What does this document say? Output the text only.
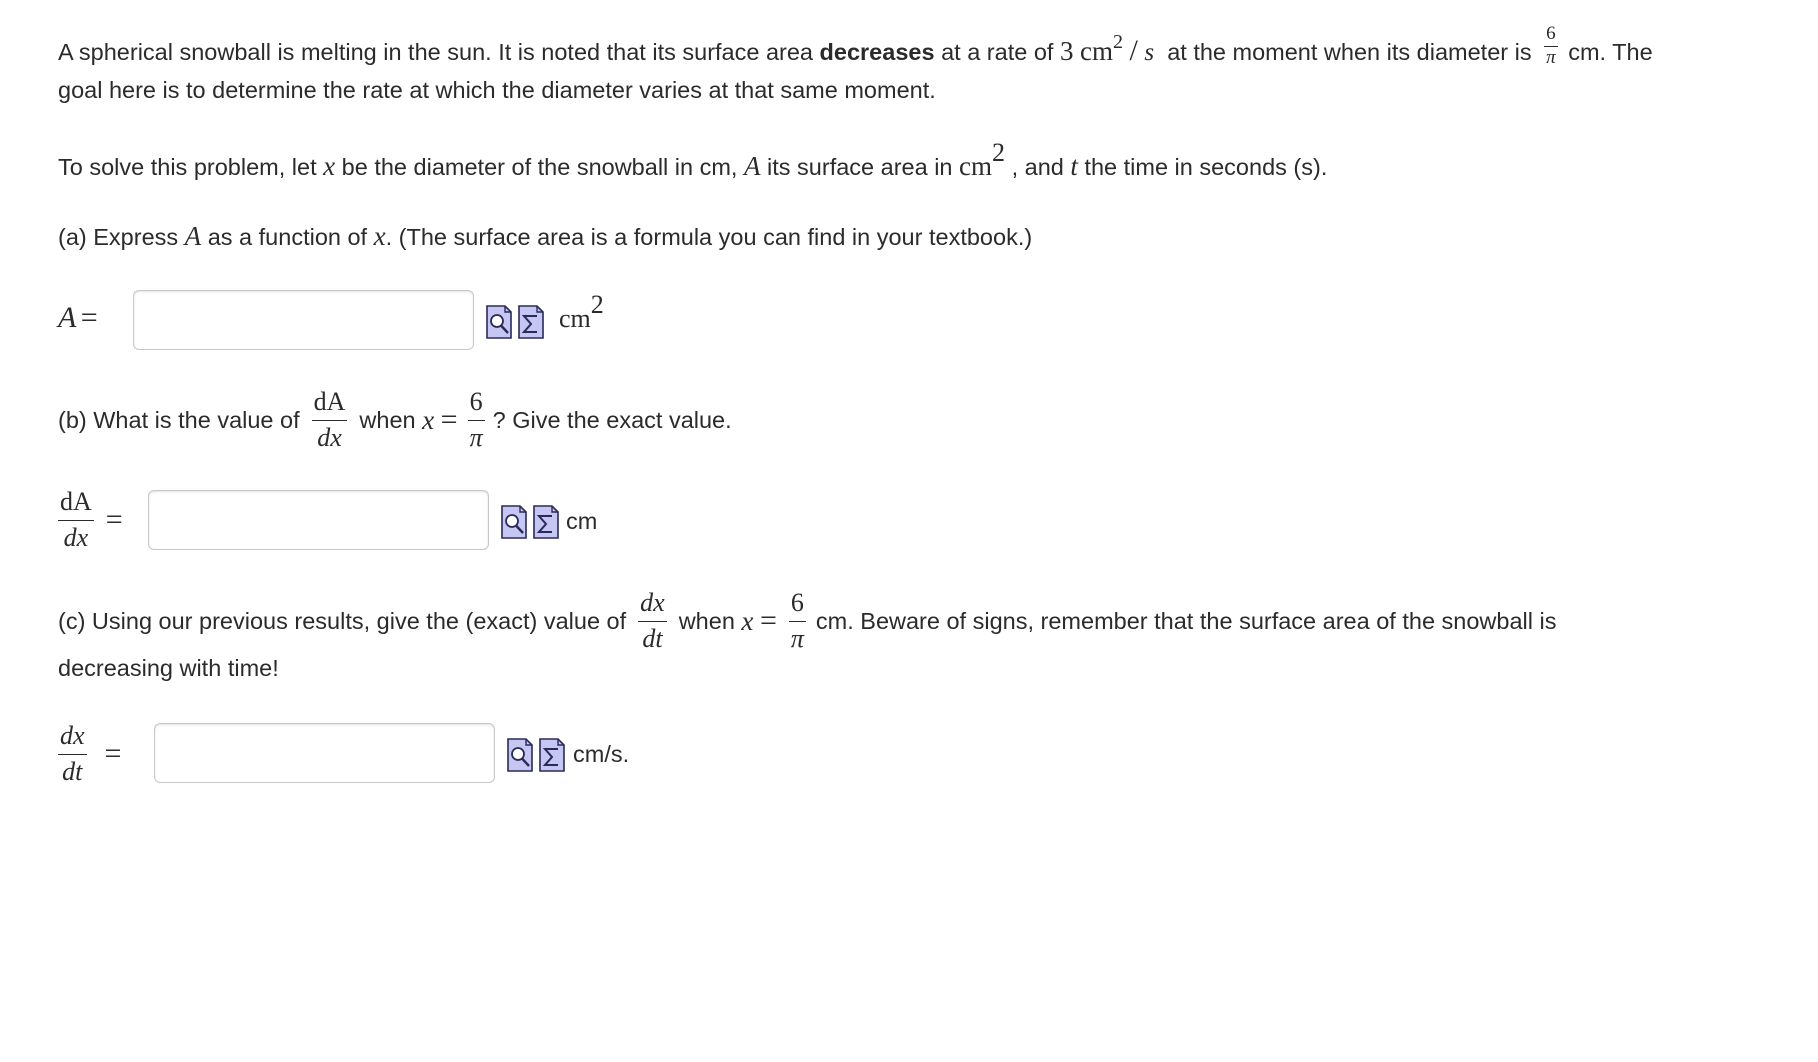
A spherical snowball is melting in the sun. It is noted that its surface area decreases at a rate of 3 cm2 / s at the moment when its diameter is $\frac{6}{\pi}$ cm. The
goal here is to determine the rate at which the diameter varies at that same moment.
To solve this problem, let x be the diameter of the snowball in cm, A its surface area in cm2 , and t the time in seconds (s).
(a) Express A as a function of x. (The surface area is a formula you can find in your textbook.)
A =	cm2
(b) What is the value of $\frac{dA}{dx}$ when
x
= $\frac{6}{\pi}$ ? Give the exact value.
$\frac{dA}{dx}$ =	cm
(c) Using our previous results, give the (exact) value of $\frac{dx}{dt}$ when
x
= $\frac{6}{\pi}$ cm. Beware of signs, remember that the surface area of the snowball is
decreasing with time!
$\frac{dx}{dt}$ =	cm/s.
